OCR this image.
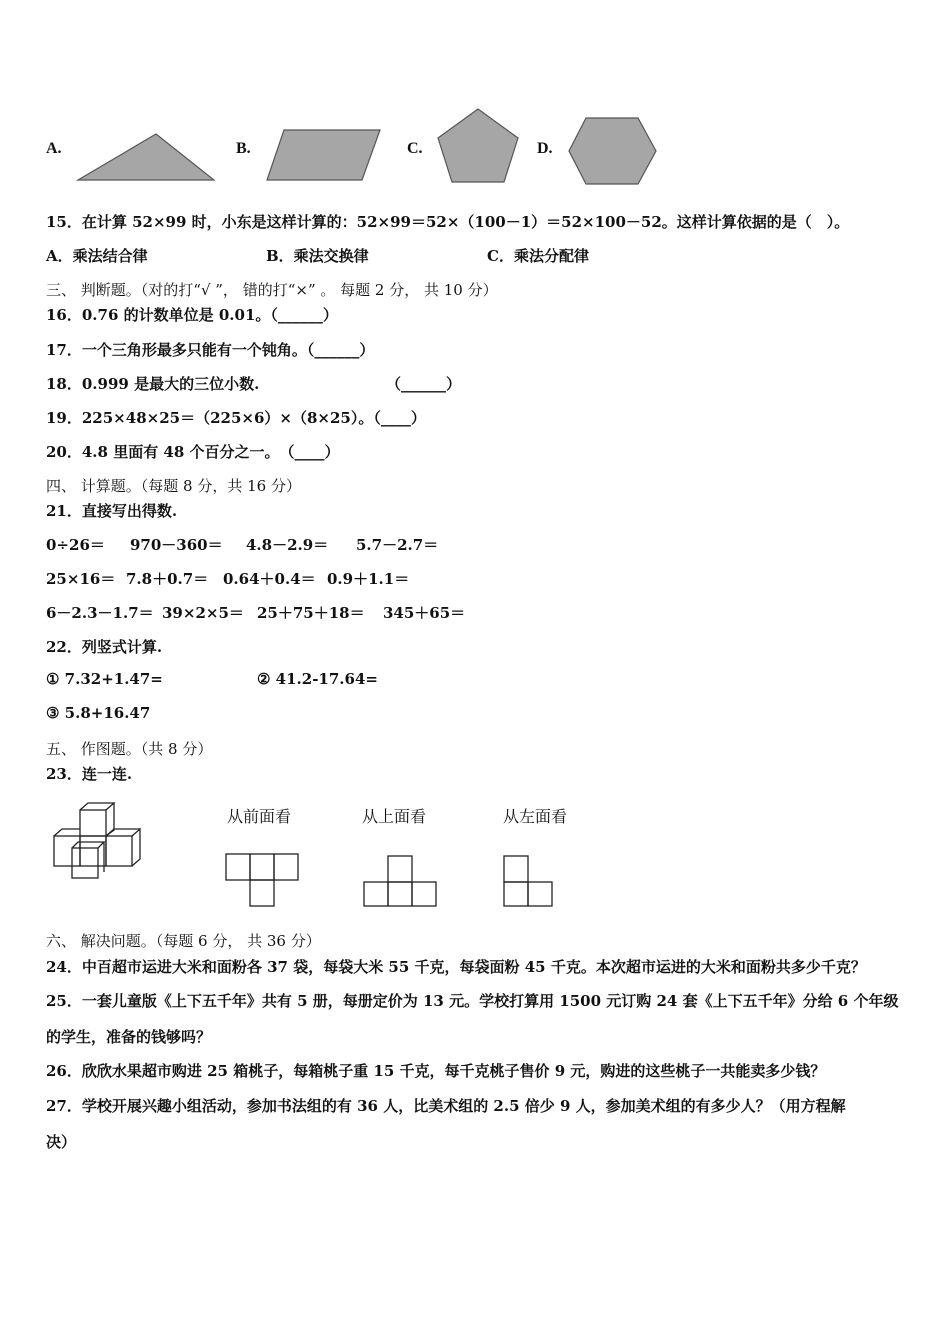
A.	B.	C.	D.
15．在计算 52×99 时，小东是这样计算的：52×99＝52×（100－1）＝52×100－52。这样计算依据的是（　）。
A．乘法结合律	B．乘法交换律	C．乘法分配律
三、 判断题。（对的打“√ ”， 错的打“×” 。 每题 2 分， 共 10 分）
16．0.76 的计数单位是 0.01。（______）
17．一个三角形最多只能有一个钝角。（______）
18．0.999 是最大的三位小数.	（______）
19．225×48×25＝（225×6）×（8×25）。（____）
20．4.8 里面有 48 个百分之一。　（____）
四、 计算题。（每题 8 分，共 16 分）
21．直接写出得数.
0÷26＝ 970－360＝ 4.8－2.9＝ 5.7－2.7＝
25×16＝ 7.8＋0.7＝ 0.64＋0.4＝ 0.9＋1.1＝
6－2.3－1.7＝ 39×2×5＝ 25＋75＋18＝ 345＋65＝
22．列竖式计算.
① 7.32+1.47=	② 41.2-17.64=
③ 5.8+16.47
五、 作图题。（共 8 分）
23．连一连.
从前面看	从上面看	从左面看
六、 解决问题。（每题 6 分， 共 36 分）
24．中百超市运进大米和面粉各 37 袋，每袋大米 55 千克，每袋面粉 45 千克。本次超市运进的大米和面粉共多少千克？
25．一套儿童版《上下五千年》共有 5 册，每册定价为 13 元。学校打算用 1500 元订购 24 套《上下五千年》分给 6 个年级
的学生，准备的钱够吗？
26．欣欣水果超市购进 25 箱桃子，每箱桃子重 15 千克，每千克桃子售价 9 元，购进的这些桃子一共能卖多少钱？
27．学校开展兴趣小组活动，参加书法组的有 36 人，比美术组的 2.5 倍少 9 人，参加美术组的有多少人？（用方程解
决）
